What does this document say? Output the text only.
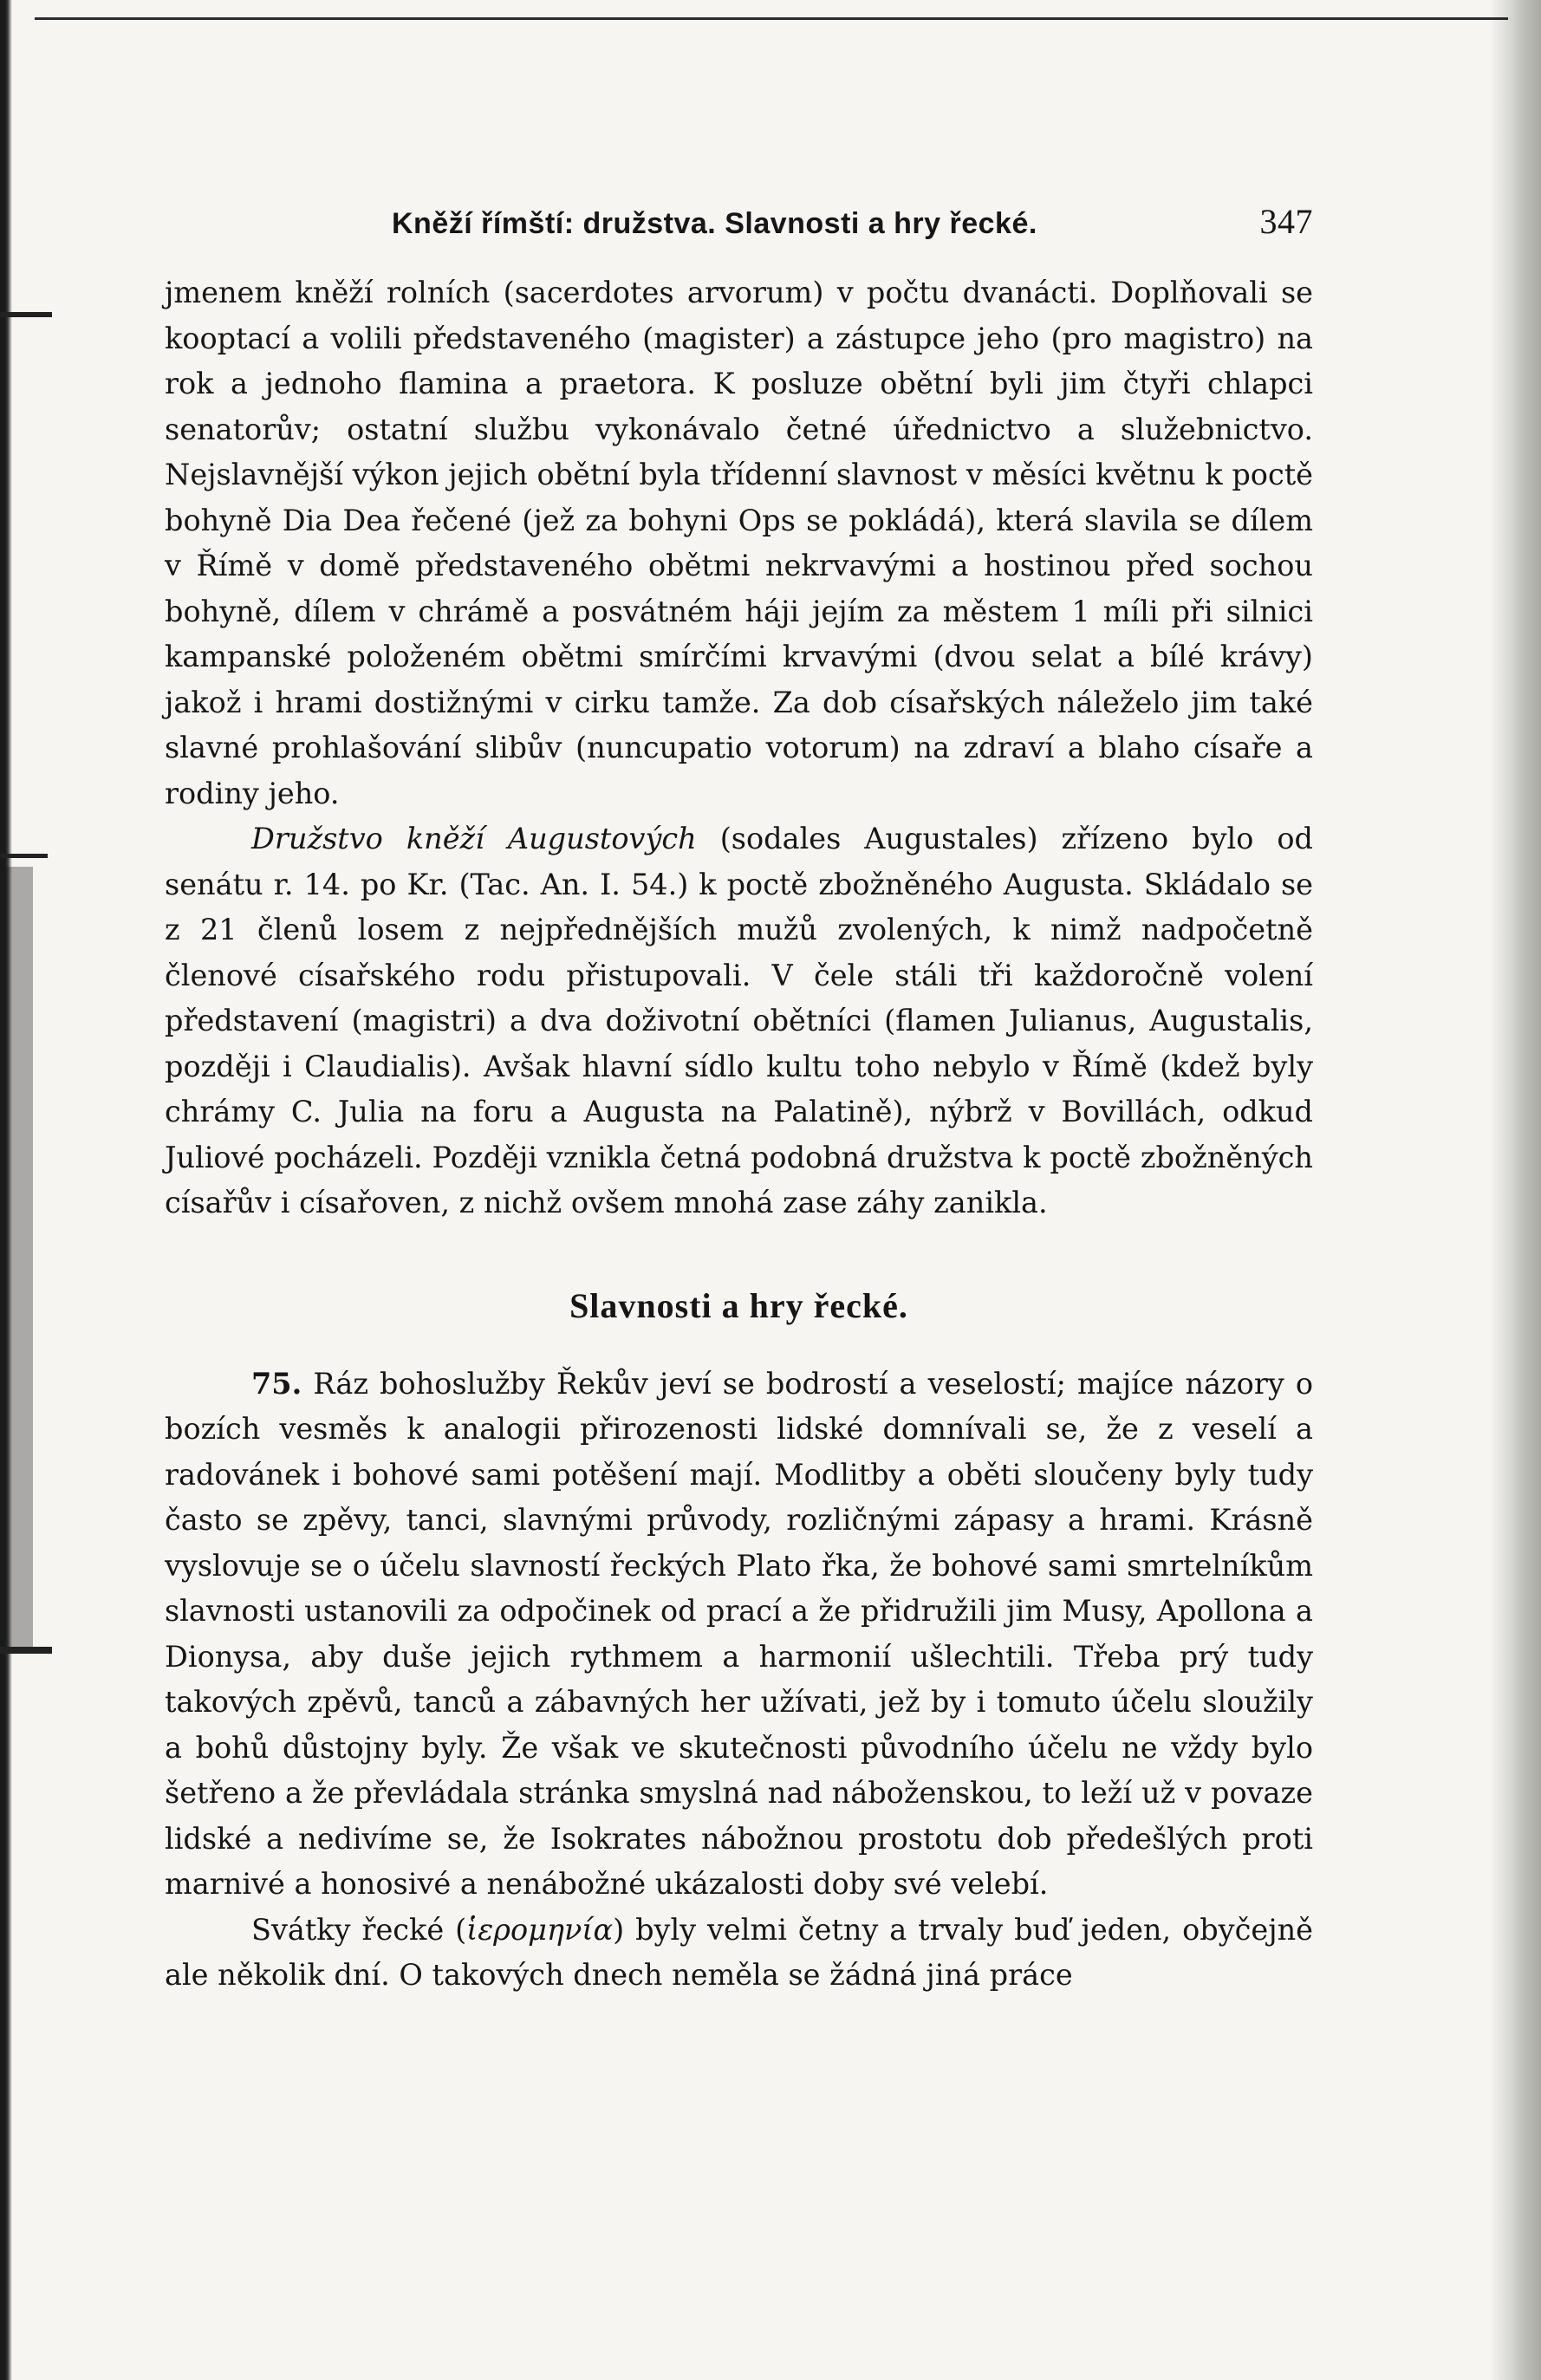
Kněží římští: družstva. Slavnosti a hry řecké.	347

jmenem kněží rolních (sacerdotes arvorum) v počtu dvanácti. Doplňovali se kooptací a volili představeného (magister) a zástupce jeho (pro magistro) na rok a jednoho flamina a praetora. K posluze obětní byli jim čtyři chlapci senatorův; ostatní službu vykonávalo četné úřednictvo a služebnictvo. Nejslavnější výkon jejich obětní byla třídenní slavnost v měsíci květnu k poctě bohyně Dia Dea řečené (jež za bohyni Ops se pokládá), která slavila se dílem v Římě v domě představeného obětmi nekrvavými a hostinou před sochou bohyně, dílem v chrámě a posvátném háji jejím za městem 1 míli při silnici kampanské položeném obětmi smírčími krvavými (dvou selat a bílé krávy) jakož i hrami dostižnými v cirku tamže. Za dob císařských náleželo jim také slavné prohlašování slibův (nuncupatio votorum) na zdraví a blaho císaře a rodiny jeho.

Družstvo kněží Augustových (sodales Augustales) zřízeno bylo od senátu r. 14. po Kr. (Tac. An. I. 54.) k poctě zbožněného Augusta. Skládalo se z 21 členů losem z nejpřednějších mužů zvolených, k nimž nadpočetně členové císařského rodu přistupovali. V čele stáli tři každoročně volení představení (magistri) a dva doživotní obětníci (flamen Julianus, Augustalis, později i Claudialis). Avšak hlavní sídlo kultu toho nebylo v Římě (kdež byly chrámy C. Julia na foru a Augusta na Palatině), nýbrž v Bovillách, odkud Juliové pocházeli. Později vznikla četná podobná družstva k poctě zbožněných císařův i císařoven, z nichž ovšem mnohá zase záhy zanikla.

Slavnosti a hry řecké.

75. Ráz bohoslužby Řekův jeví se bodrostí a veselostí; majíce názory o bozích vesměs k analogii přirozenosti lidské domnívali se, že z veselí a radovánek i bohové sami potěšení mají. Modlitby a oběti sloučeny byly tudy často se zpěvy, tanci, slavnými průvody, rozličnými zápasy a hrami. Krásně vyslovuje se o účelu slavností řeckých Plato řka, že bohové sami smrtelníkům slavnosti ustanovili za odpočinek od prací a že přidružili jim Musy, Apollona a Dionysa, aby duše jejich rythmem a harmonií ušlechtili. Třeba prý tudy takových zpěvů, tanců a zábavných her užívati, jež by i tomuto účelu sloužily a bohů důstojny byly. Že však ve skutečnosti původního účelu ne vždy bylo šetřeno a že převládala stránka smyslná nad náboženskou, to leží už v povaze lidské a nedivíme se, že Isokrates nábožnou prostotu dob předešlých proti marnivé a honosivé a nenábožné ukázalosti doby své velebí.

Svátky řecké (ἱερομηνία) byly velmi četny a trvaly buď jeden, obyčejně ale několik dní. O takových dnech neměla se žádná jiná práce
